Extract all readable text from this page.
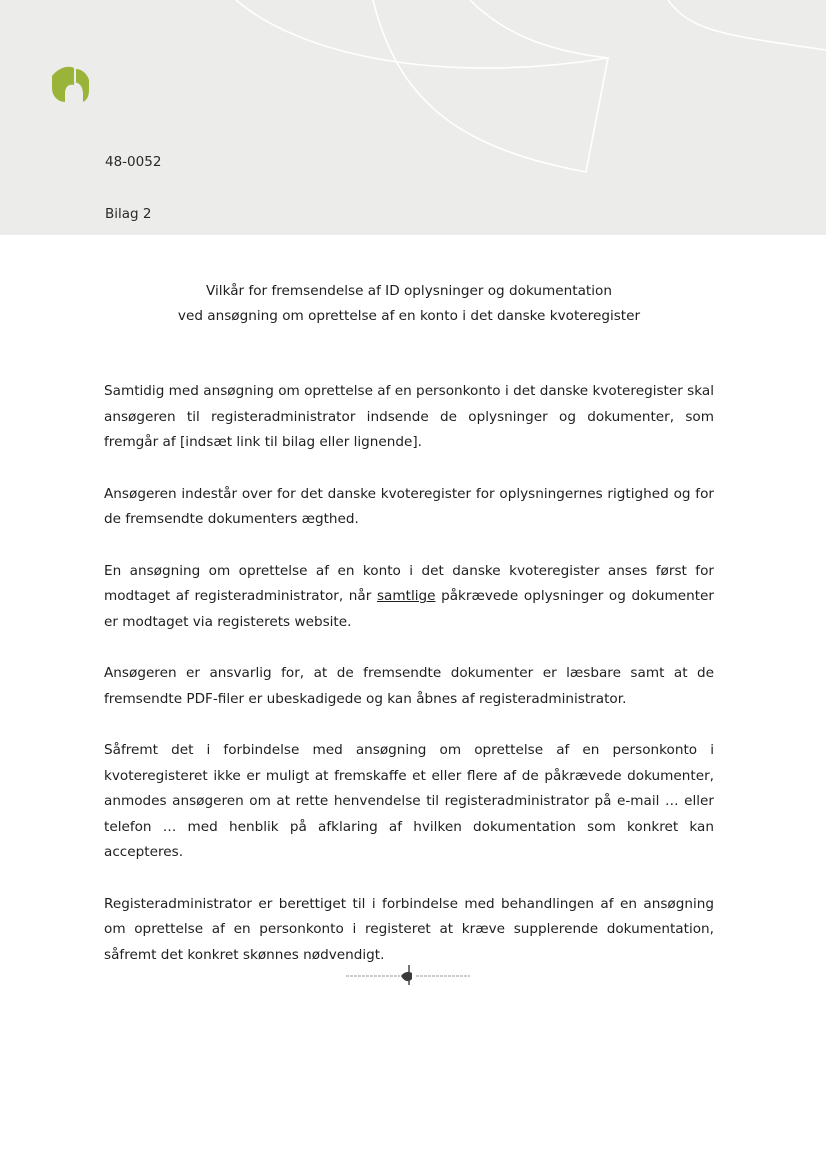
48-0052
Bilag 2
Vilkår for fremsendelse af ID oplysninger og dokumentation
ved ansøgning om oprettelse af en konto i det danske kvoteregister

Samtidig med ansøgning om oprettelse af en personkonto i det danske kvoteregister skal ansøgeren til registeradministrator indsende de oplysninger og dokumenter, som fremgår af [indsæt link til bilag eller lignende].

Ansøgeren indestår over for det danske kvoteregister for oplysningernes rigtighed og for de fremsendte dokumenters ægthed.

En ansøgning om oprettelse af en konto i det danske kvoteregister anses først for modtaget af registeradministrator, når samtlige påkrævede oplysninger og dokumenter er modtaget via registerets website.

Ansøgeren er ansvarlig for, at de fremsendte dokumenter er læsbare samt at de fremsendte PDF-filer er ubeskadigede og kan åbnes af registeradministrator.

Såfremt det i forbindelse med ansøgning om oprettelse af en personkonto i kvoteregisteret ikke er muligt at fremskaffe et eller flere af de påkrævede dokumenter, anmodes ansøgeren om at rette henvendelse til registeradministrator på e-mail … eller telefon … med henblik på afklaring af hvilken dokumentation som konkret kan accepteres.

Registeradministrator er berettiget til i forbindelse med behandlingen af en ansøgning om oprettelse af en personkonto i registeret at kræve supplerende dokumentation, såfremt det konkret skønnes nødvendigt.
